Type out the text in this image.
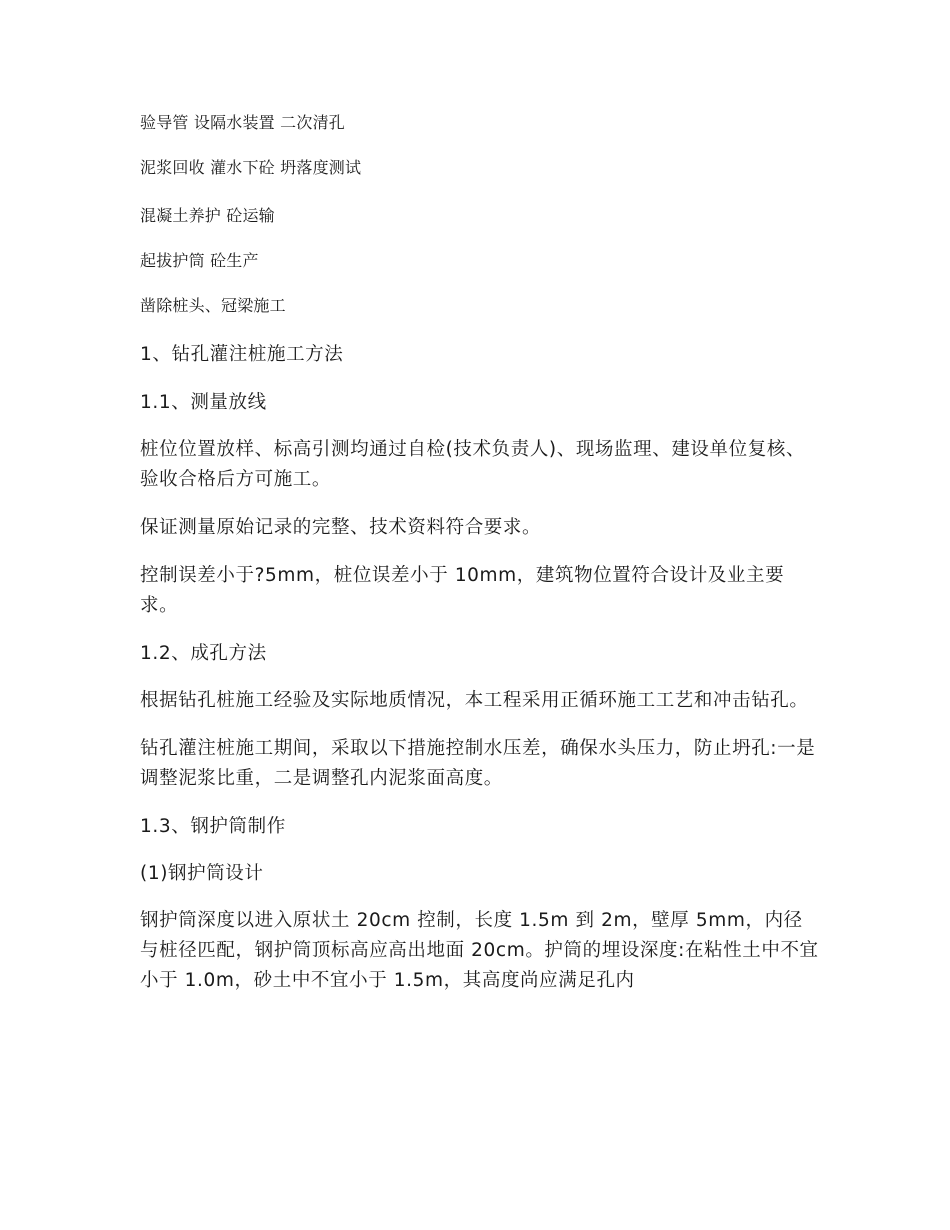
验导管 设隔水装置 二次清孔
泥浆回收 灌水下砼 坍落度测试
混凝土养护 砼运输
起拔护筒 砼生产
凿除桩头、冠梁施工
1、钻孔灌注桩施工方法
1.1、测量放线

桩位位置放样、标高引测均通过自检(技术负责人)、现场监理、建设单位复核、验收合格后方可施工。

保证测量原始记录的完整、技术资料符合要求。

控制误差小于?5mm，桩位误差小于 10mm，建筑物位置符合设计及业主要求。

1.2、成孔方法

根据钻孔桩施工经验及实际地质情况，本工程采用正循环施工工艺和冲击钻孔。

钻孔灌注桩施工期间，采取以下措施控制水压差，确保水头压力，防止坍孔:一是调整泥浆比重，二是调整孔内泥浆面高度。

1.3、钢护筒制作
(1)钢护筒设计

钢护筒深度以进入原状土 20cm 控制，长度 1.5m 到 2m，壁厚 5mm，内径与桩径匹配，钢护筒顶标高应高出地面 20cm。护筒的埋设深度:在粘性土中不宜小于 1.0m，砂土中不宜小于 1.5m，其高度尚应满足孔内
